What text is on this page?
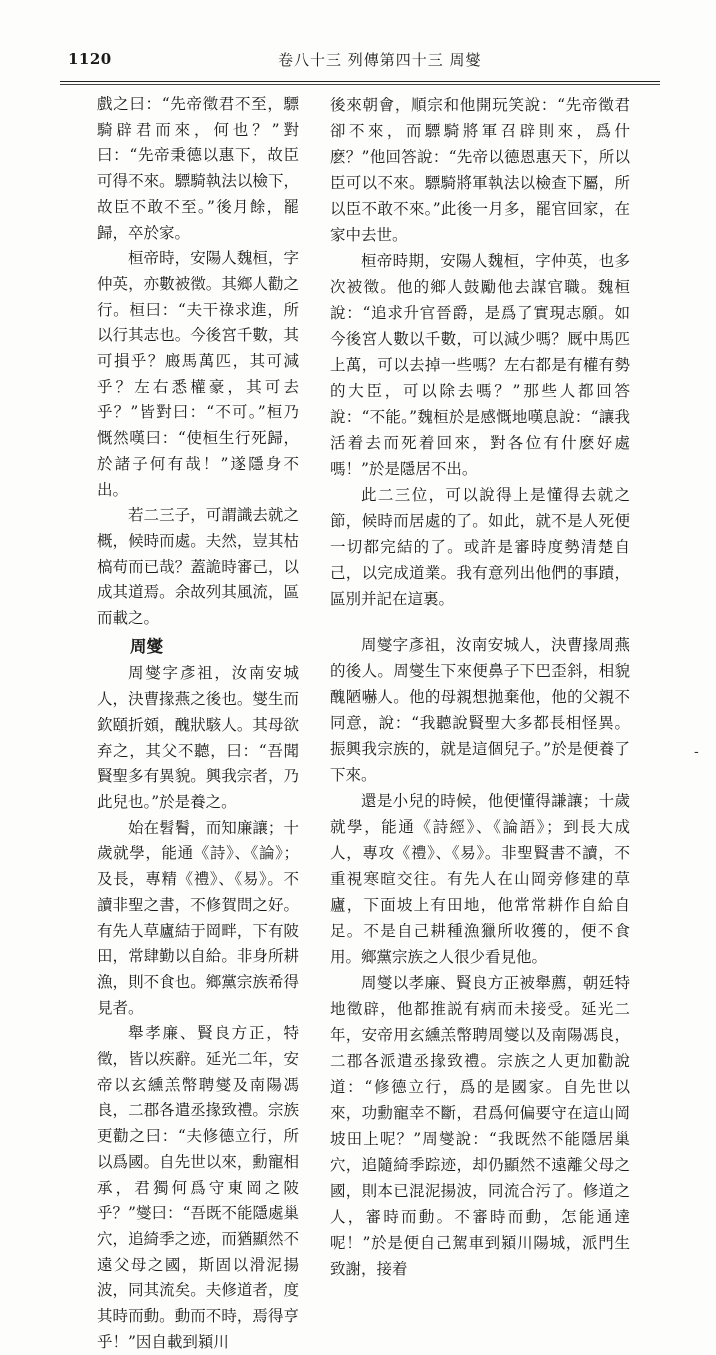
1120	卷八十三 列傳第四十三 周燮

戲之曰：“先帝徵君不至，驃騎辟君而來，何也？”對曰：“先帝秉德以惠下，故臣可得不來。驃騎執法以檢下，故臣不敢不至。”後月餘，罷歸，卒於家。

桓帝時，安陽人魏桓，字仲英，亦數被徵。其鄉人勸之行。桓曰：“夫干祿求進，所以行其志也。今後宮千數，其可損乎？廄馬萬匹，其可減乎？左右悉權豪，其可去乎？”皆對曰：“不可。”桓乃慨然嘆曰：“使桓生行死歸，於諸子何有哉！”遂隱身不出。

若二三子，可謂識去就之概，候時而處。夫然，豈其枯槁苟而已哉？蓋詭時審己，以成其道焉。余故列其風流，區而載之。

周燮

周燮字彥祖，汝南安城人，決曹掾燕之後也。燮生而欽頤折頞，醜狀駭人。其母欲弃之，其父不聽，曰：“吾聞賢聖多有異貌。興我宗者，乃此兒也。”於是養之。

始在髫鬌，而知廉讓；十歲就學，能通《詩》、《論》；及長，專精《禮》、《易》。不讀非聖之書，不修賀問之好。有先人草廬結于岡畔，下有陂田，常肆勤以自給。非身所耕漁，則不食也。鄉黨宗族希得見者。

舉孝廉、賢良方正，特徵，皆以疾辭。延光二年，安帝以玄纁羔幣聘燮及南陽馮良，二郡各遣丞掾致禮。宗族更勸之曰：“夫修德立行，所以爲國。自先世以來，勳寵相承，君獨何爲守東岡之陂乎？”燮曰：“吾既不能隱處巢穴，追綺季之迹，而猶顯然不遠父母之國，斯固以滑泥揚波，同其流矣。夫修道者，度其時而動。動而不時，焉得亨乎！”因自載到潁川

後來朝會，順宗和他開玩笑說：“先帝徵君卻不來，而驃騎將軍召辟則來，爲什麽？”他回答說：“先帝以德恩惠天下，所以臣可以不來。驃騎將軍執法以檢查下屬，所以臣不敢不來。”此後一月多，罷官回家，在家中去世。

桓帝時期，安陽人魏桓，字仲英，也多次被徵。他的鄉人鼓勵他去謀官職。魏桓說：“追求升官晉爵，是爲了實現志願。如今後宮人數以千數，可以減少嗎？厩中馬匹上萬，可以去掉一些嗎？左右都是有權有勢的大臣，可以除去嗎？”那些人都回答說：“不能。”魏桓於是感慨地嘆息說：“讓我活着去而死着回來，對各位有什麽好處嗎！”於是隱居不出。

此二三位，可以說得上是懂得去就之節，候時而居處的了。如此，就不是人死便一切都完結的了。或許是審時度勢清楚自己，以完成道業。我有意列出他們的事蹟，區別并記在這裏。

周燮字彥祖，汝南安城人，決曹掾周燕的後人。周燮生下來便鼻子下巴歪斜，相貌醜陋嚇人。他的母親想拋棄他，他的父親不同意，說：“我聽說賢聖大多都長相怪異。振興我宗族的，就是這個兒子。”於是便養了下來。

還是小兒的時候，他便懂得謙讓；十歲就學，能通《詩經》、《論語》；到長大成人，專攻《禮》、《易》。非聖賢書不讀，不重視寒暄交往。有先人在山岡旁修建的草廬，下面坡上有田地，他常常耕作自給自足。不是自己耕種漁獵所收獲的，便不食用。鄉黨宗族之人很少看見他。

周燮以孝廉、賢良方正被舉薦，朝廷特地徵辟，他都推説有病而未接受。延光二年，安帝用玄纁羔幣聘周燮以及南陽馮良，二郡各派遣丞掾致禮。宗族之人更加勸說道：“修德立行，爲的是國家。自先世以來，功勳寵幸不斷，君爲何偏要守在這山岡坡田上呢？”周燮說：“我既然不能隱居巢穴，追隨綺季踪迹，却仍顯然不遠離父母之國，則本已混泥揚波，同流合污了。修道之人，審時而動。不審時而動，怎能通達呢！”於是便自己駕車到潁川陽城，派門生致謝，接着

-
